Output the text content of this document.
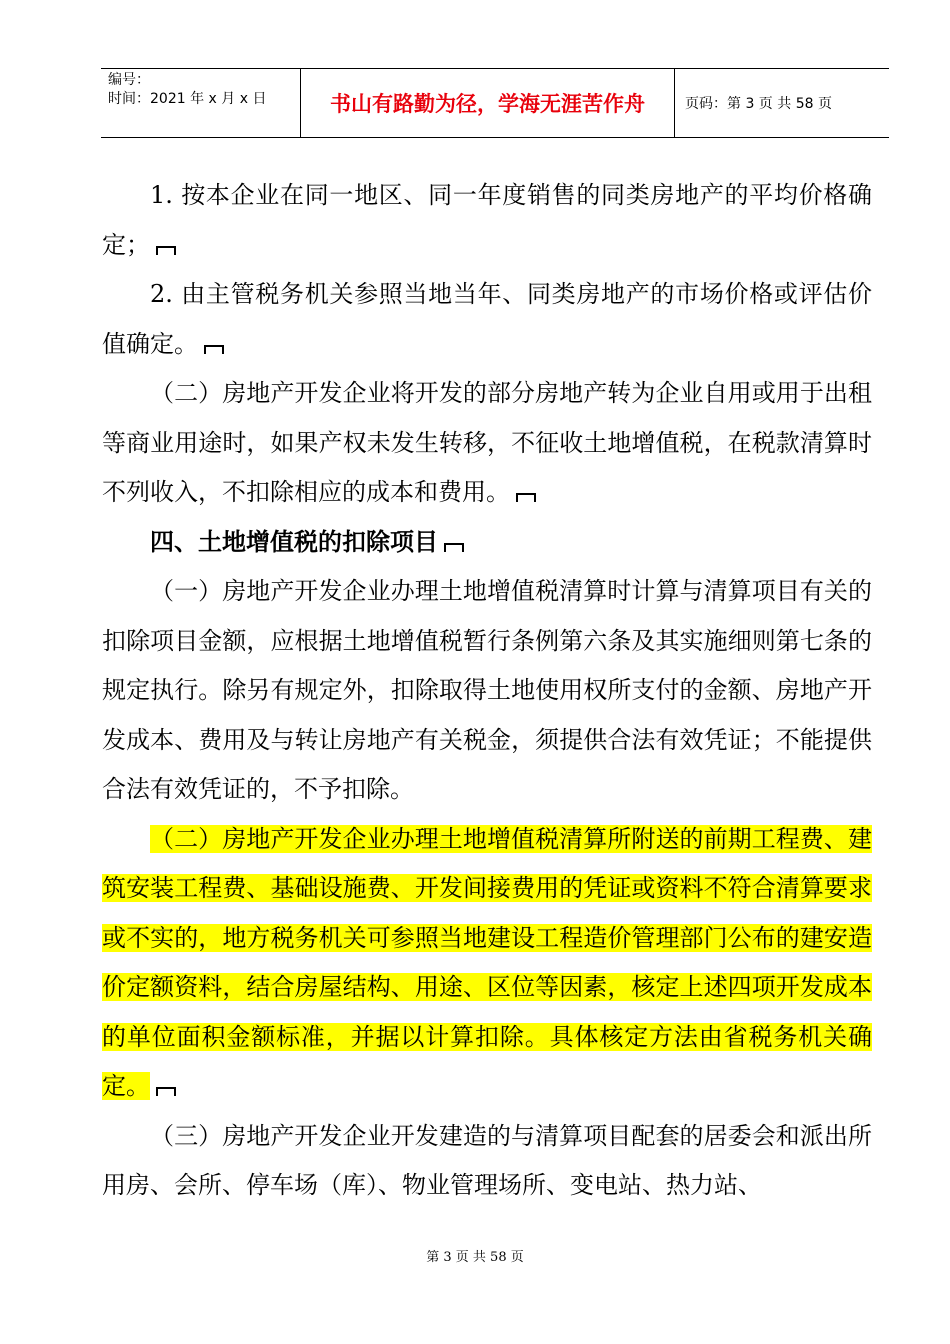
编号：
时间：2021 年 x 月 x 日	书山有路勤为径，学海无涯苦作舟	页码：第 3 页 共 58 页

1. 按本企业在同一地区、同一年度销售的同类房地产的平均价格确定；

2. 由主管税务机关参照当地当年、同类房地产的市场价格或评估价值确定。

（二）房地产开发企业将开发的部分房地产转为企业自用或用于出租等商业用途时，如果产权未发生转移，不征收土地增值税，在税款清算时不列收入，不扣除相应的成本和费用。

四、土地增值税的扣除项目

（一）房地产开发企业办理土地增值税清算时计算与清算项目有关的扣除项目金额，应根据土地增值税暂行条例第六条及其实施细则第七条的规定执行。除另有规定外，扣除取得土地使用权所支付的金额、房地产开发成本、费用及与转让房地产有关税金，须提供合法有效凭证；不能提供合法有效凭证的，不予扣除。

（二）房地产开发企业办理土地增值税清算所附送的前期工程费、建筑安装工程费、基础设施费、开发间接费用的凭证或资料不符合清算要求或不实的，地方税务机关可参照当地建设工程造价管理部门公布的建安造价定额资料，结合房屋结构、用途、区位等因素，核定上述四项开发成本的单位面积金额标准，并据以计算扣除。具体核定方法由省税务机关确定。

（三）房地产开发企业开发建造的与清算项目配套的居委会和派出所用房、会所、停车场（库）、物业管理场所、变电站、热力站、

第 3 页 共 58 页
